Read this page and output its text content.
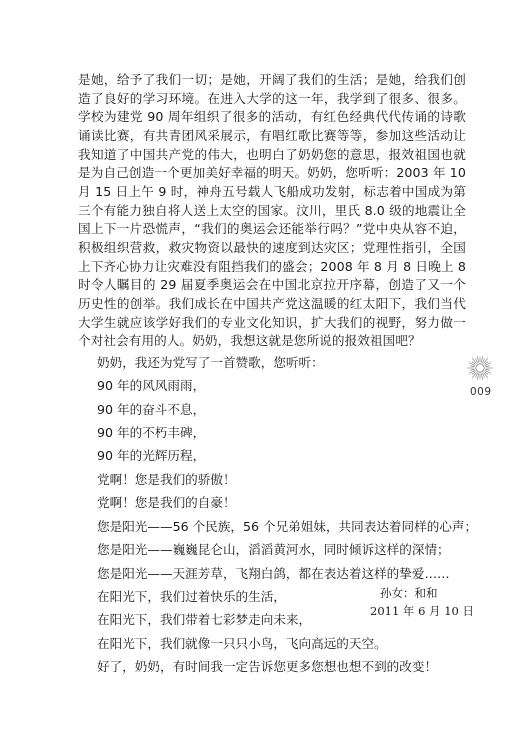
是她，给予了我们一切；是她，开阔了我们的生活；是她，给我们创造了良好的学习环境。在进入大学的这一年，我学到了很多、很多。学校为建党 90 周年组织了很多的活动，有红色经典代代传诵的诗歌诵读比赛，有共青团风采展示，有唱红歌比赛等等，参加这些活动让我知道了中国共产党的伟大，也明白了奶奶您的意思，报效祖国也就是为自己创造一个更加美好幸福的明天。奶奶，您听听：2003 年 10 月 15 日上午 9 时，神舟五号载人飞船成功发射，标志着中国成为第三个有能力独自将人送上太空的国家。汶川，里氏 8.0 级的地震让全国上下一片恐慌声，“我们的奥运会还能举行吗？”党中央从容不迫，积极组织营救，救灾物资以最快的速度到达灾区；党理性指引，全国上下齐心协力让灾难没有阻挡我们的盛会；2008 年 8 月 8 日晚上 8 时令人瞩目的 29 届夏季奥运会在中国北京拉开序幕，创造了又一个历史性的创举。我们成长在中国共产党这温暖的红太阳下，我们当代大学生就应该学好我们的专业文化知识，扩大我们的视野，努力做一个对社会有用的人。奶奶，我想这就是您所说的报效祖国吧？

奶奶，我还为党写了一首赞歌，您听听：

90 年的风风雨雨，

90 年的奋斗不息，

90 年的不朽丰碑，

90 年的光辉历程，

党啊！您是我们的骄傲！

党啊！您是我们的自豪！

您是阳光——56 个民族，56 个兄弟姐妹，共同表达着同样的心声；

您是阳光——巍巍昆仑山，滔滔黄河水，同时倾诉这样的深情；

您是阳光——天涯芳草，飞翔白鸽，都在表达着这样的挚爱……

在阳光下，我们过着快乐的生活，

在阳光下，我们带着七彩梦走向未来，

在阳光下，我们就像一只只小鸟，飞向高远的天空。

好了，奶奶，有时间我一定告诉您更多您想也想不到的改变！

孙女：和和
2011 年 6 月 10 日
009
